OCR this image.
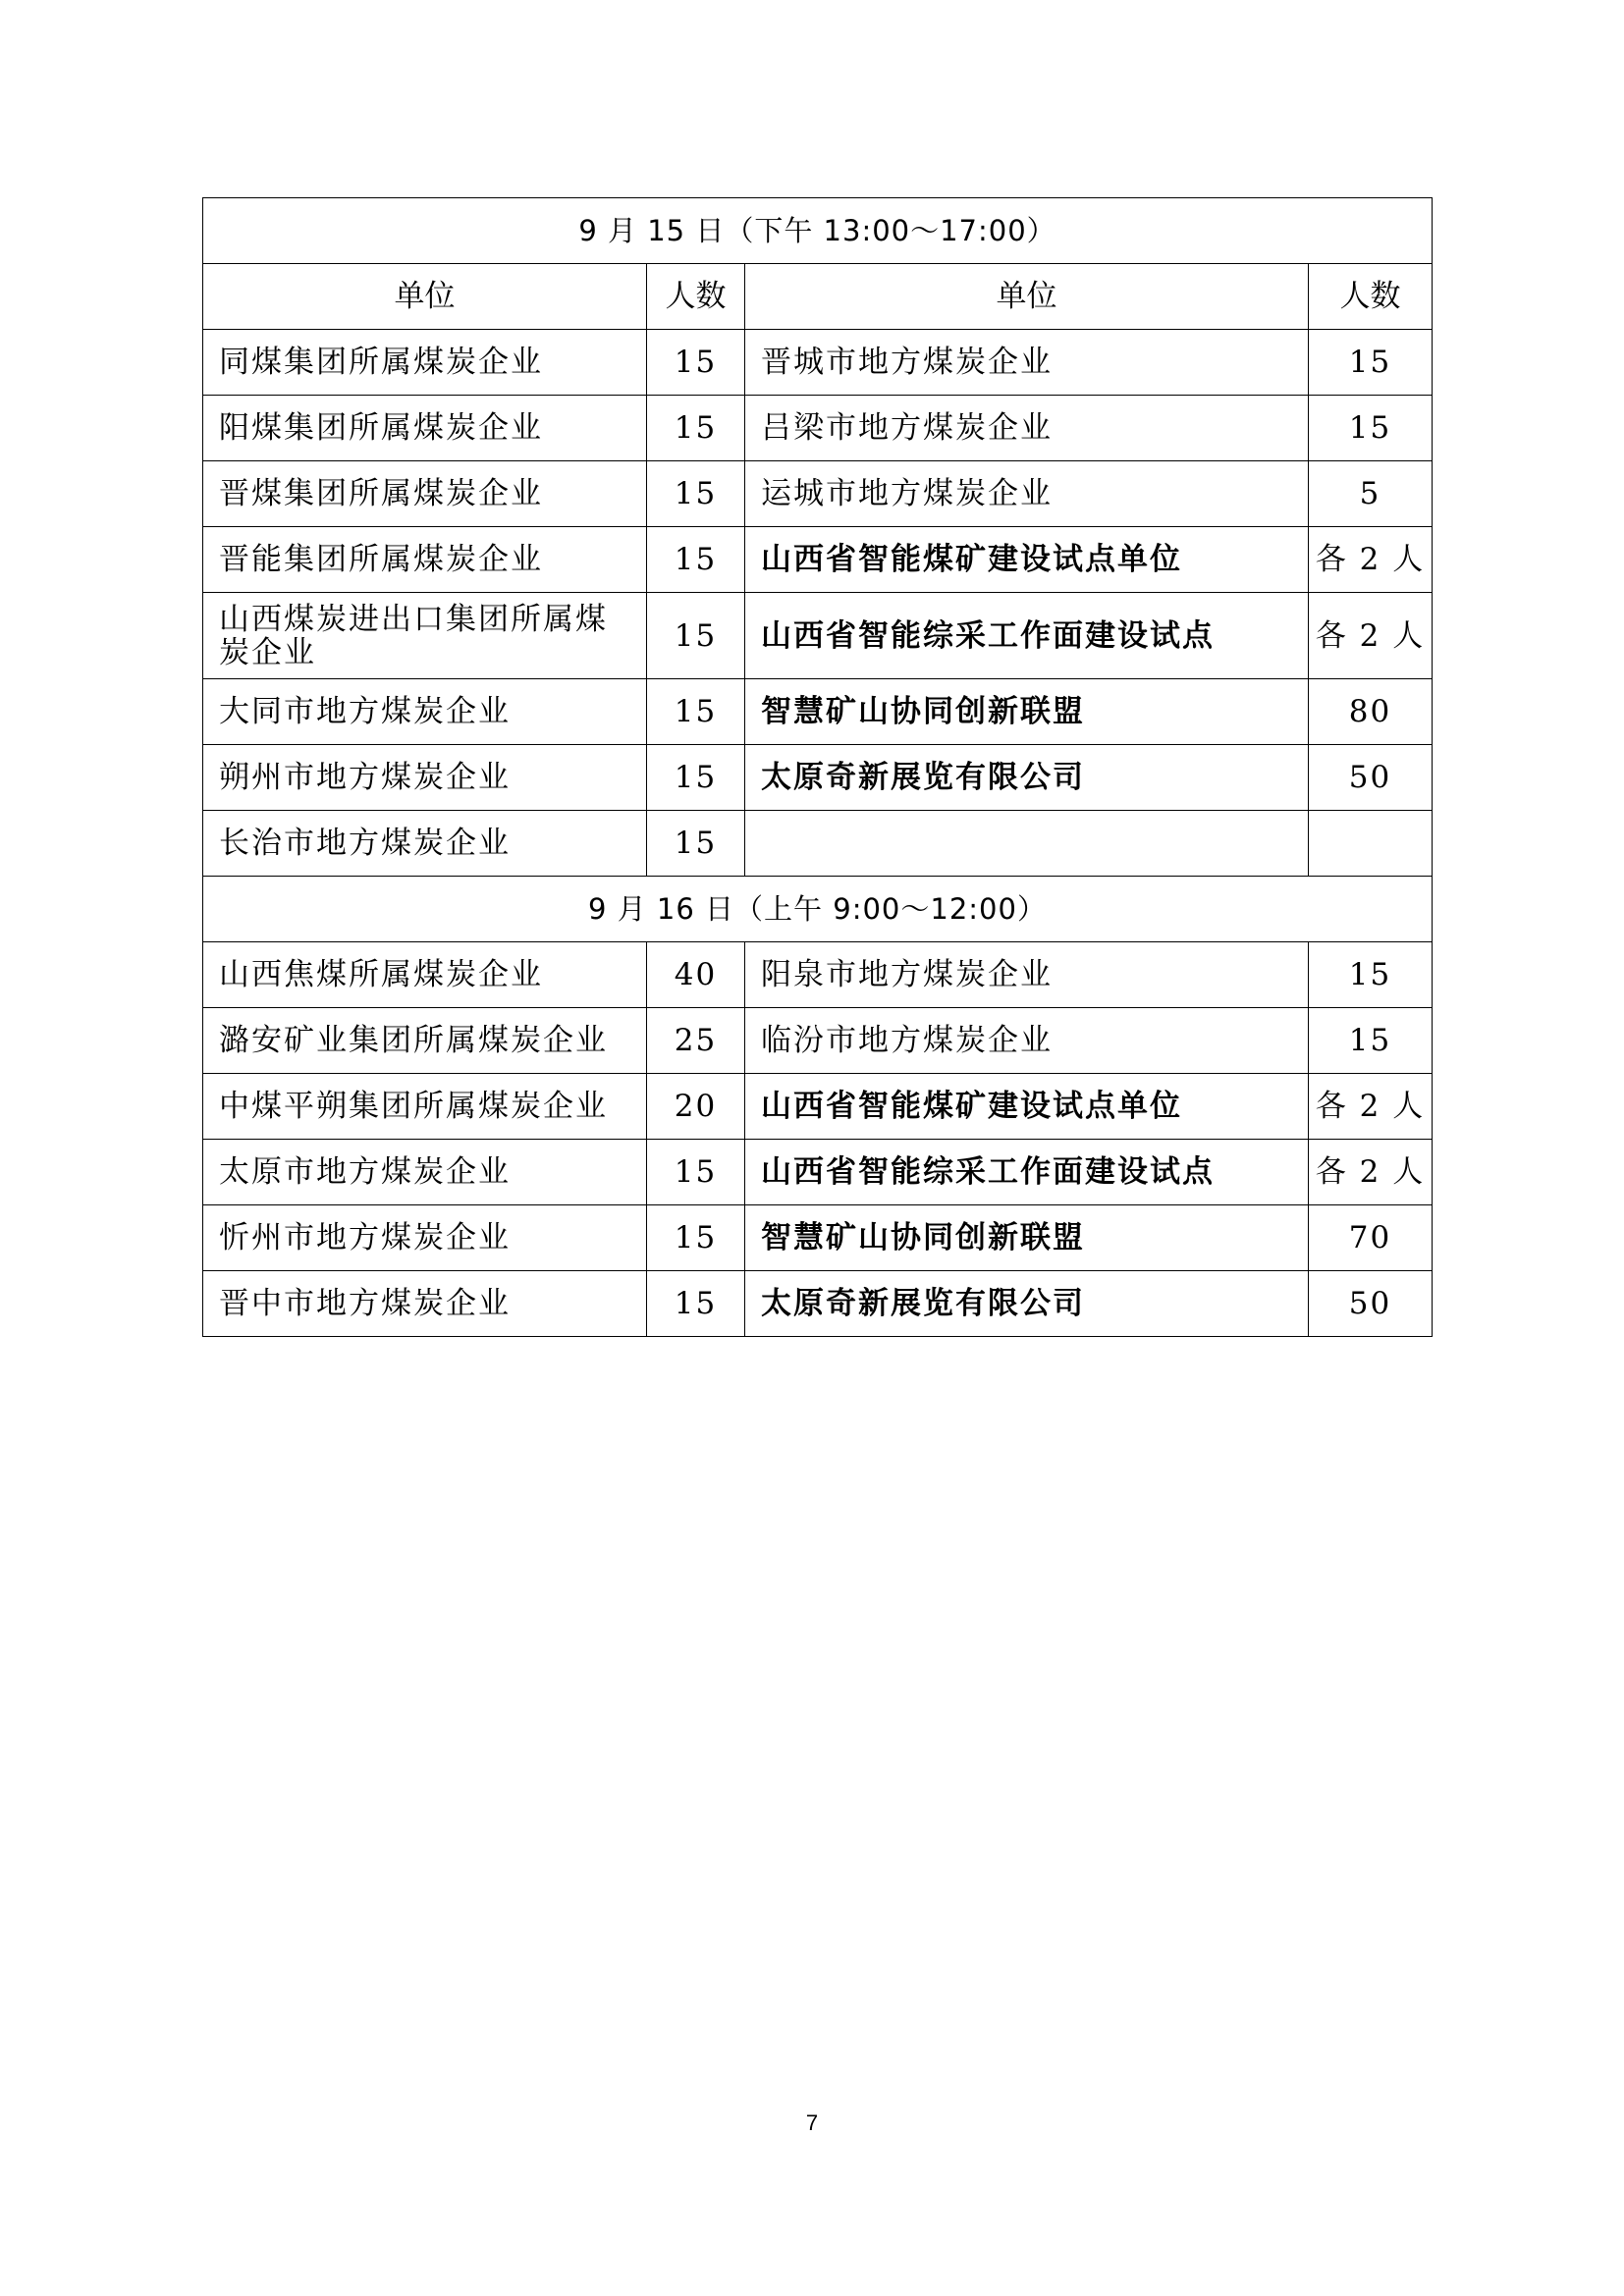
9 月 15 日（下午 13:00～17:00）			
单位	人数	单位	人数
同煤集团所属煤炭企业	15	晋城市地方煤炭企业	15
阳煤集团所属煤炭企业	15	吕梁市地方煤炭企业	15
晋煤集团所属煤炭企业	15	运城市地方煤炭企业	5
晋能集团所属煤炭企业	15	山西省智能煤矿建设试点单位	各 2 人
山西煤炭进出口集团所属煤炭企业	15	山西省智能综采工作面建设试点	各 2 人
大同市地方煤炭企业	15	智慧矿山协同创新联盟	80
朔州市地方煤炭企业	15	太原奇新展览有限公司	50
长治市地方煤炭企业	15		
9 月 16 日（上午 9:00～12:00）			
山西焦煤所属煤炭企业	40	阳泉市地方煤炭企业	15
潞安矿业集团所属煤炭企业	25	临汾市地方煤炭企业	15
中煤平朔集团所属煤炭企业	20	山西省智能煤矿建设试点单位	各 2 人
太原市地方煤炭企业	15	山西省智能综采工作面建设试点	各 2 人
忻州市地方煤炭企业	15	智慧矿山协同创新联盟	70
晋中市地方煤炭企业	15	太原奇新展览有限公司	50
7
